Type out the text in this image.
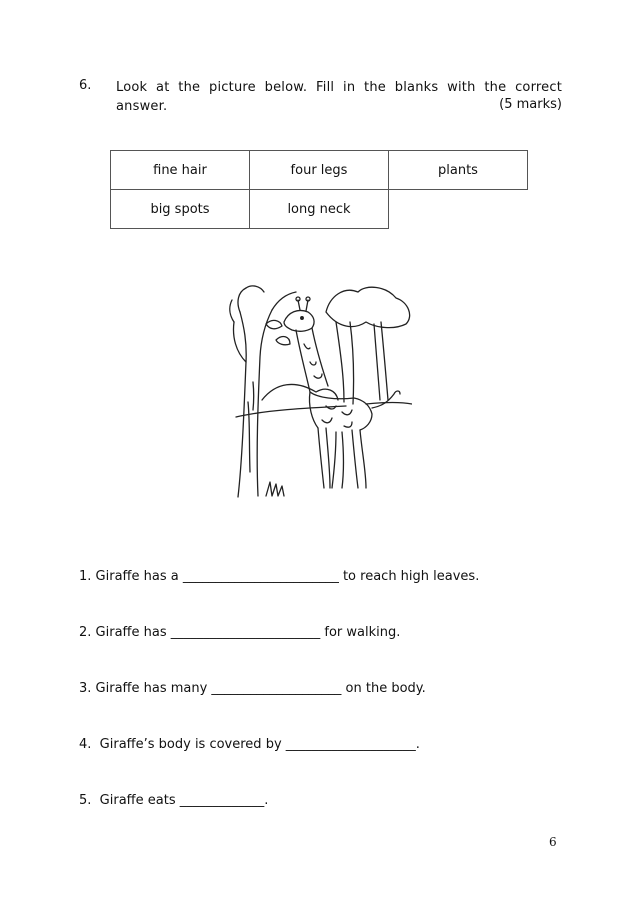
6. Look at the picture below. Fill in the blanks with the correct answer.	(5 marks)
fine hair	four legs	plants
big spots	long neck	
1. Giraffe has a ________________________ to reach high leaves.
2. Giraffe has _______________________ for walking.
3. Giraffe has many ____________________ on the body.
4.  Giraffe’s body is covered by ____________________.
5.  Giraffe eats _____________.
6
